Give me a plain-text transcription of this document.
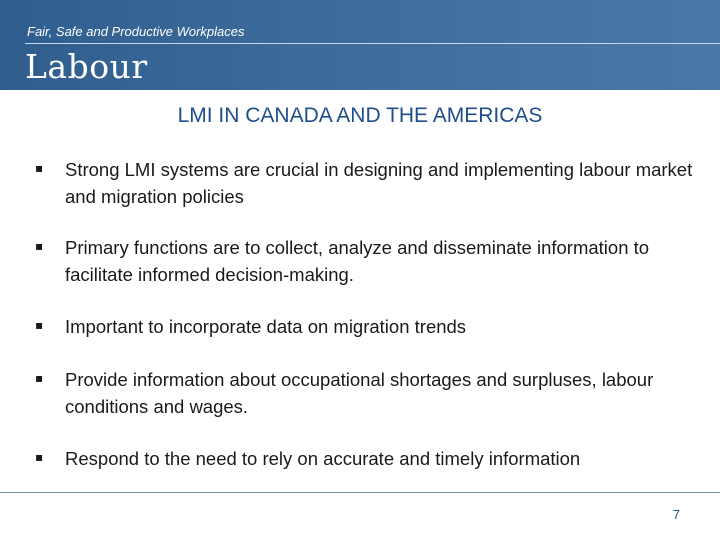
Fair, Safe and Productive Workplaces
Labour
LMI IN CANADA AND THE AMERICAS
▪ Strong LMI systems are crucial in designing and implementing labour market and migration policies
▪ Primary functions are to collect, analyze and disseminate information to facilitate informed decision-making.
▪ Important to incorporate data on migration trends
▪ Provide information about occupational shortages and surpluses, labour conditions and wages.
▪ Respond to the need to rely on accurate and timely information
7
